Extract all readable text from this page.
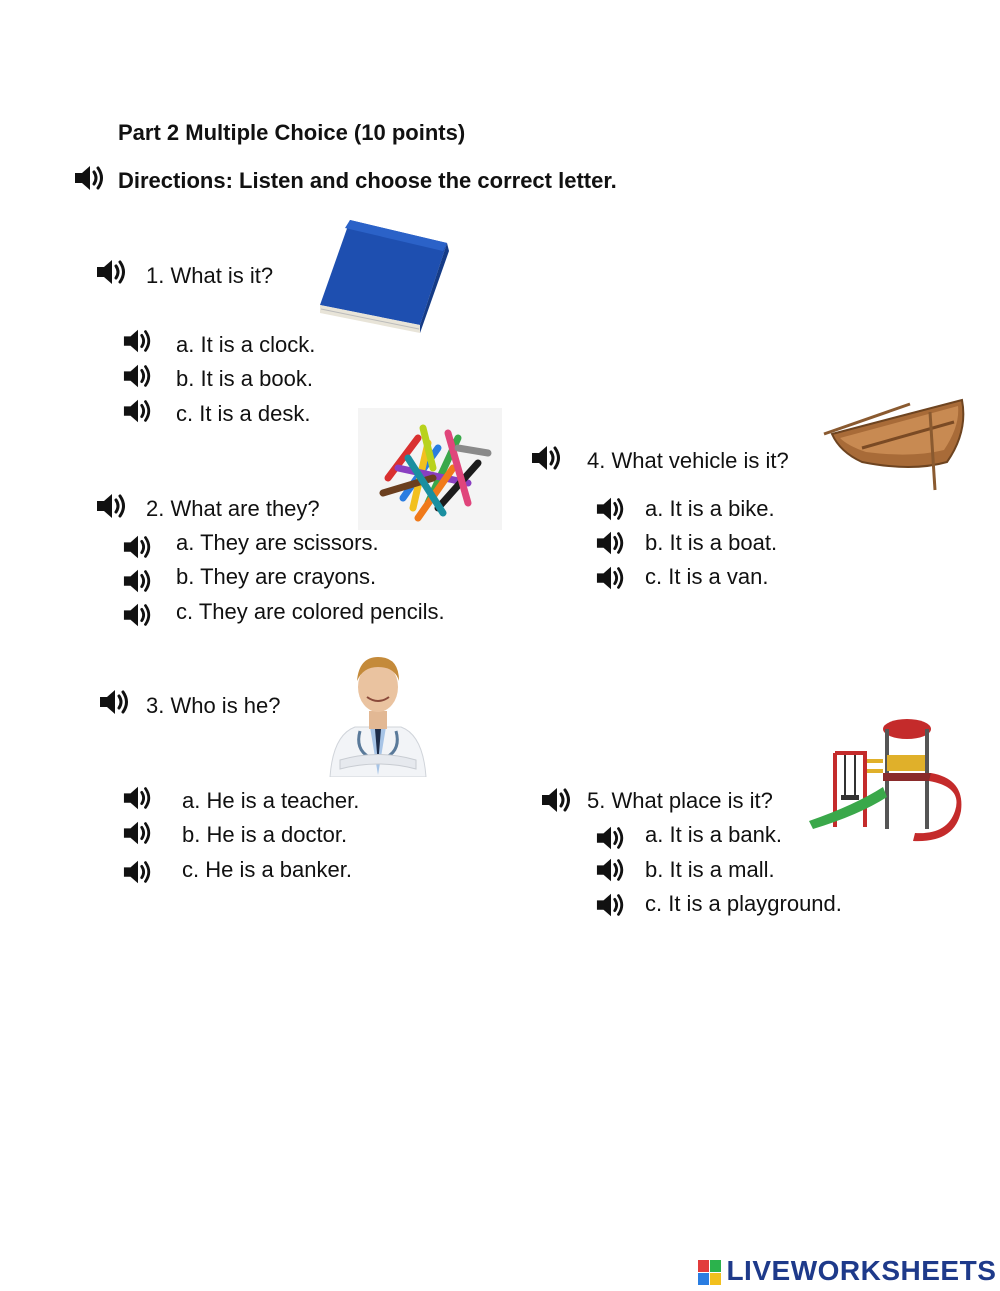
Part 2 Multiple Choice (10 points)
Directions: Listen and choose the correct letter.
1. What is it?
a. It is a clock.
b. It is a book.
c. It is a desk.
2. What are they?
a. They are scissors.
b. They are crayons.
c. They are colored pencils.
3. Who is he?
a. He is a teacher.
b. He is a doctor.
c. He is a banker.
4. What vehicle is it?
a. It is a bike.
b. It is a boat.
c. It is a van.
5. What place is it?
a. It is a bank.
b. It is a mall.
c. It is a playground.
LIVEWORKSHEETS
